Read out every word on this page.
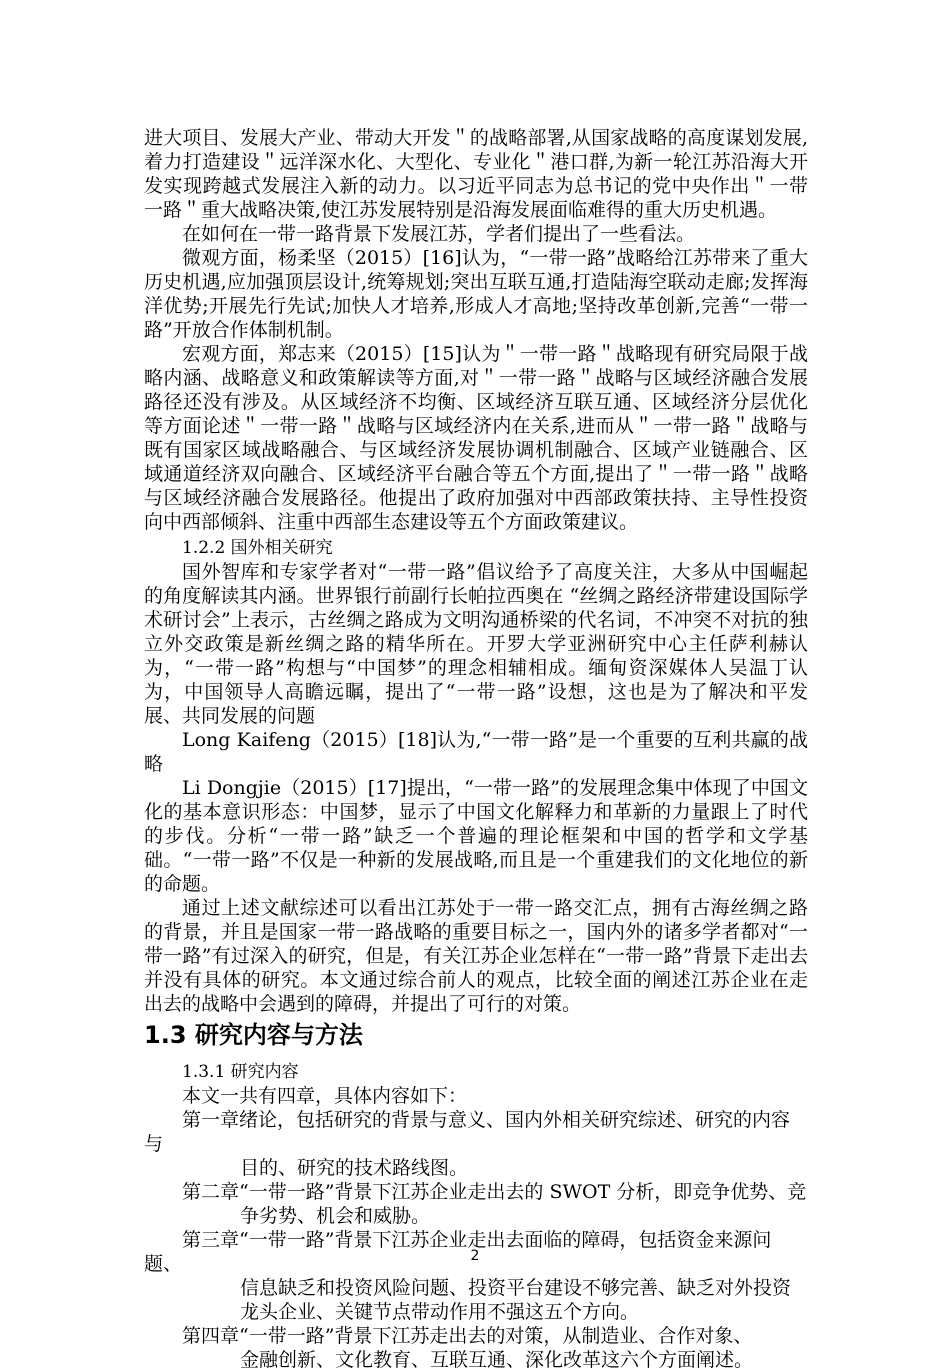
进大项目、发展大产业、带动大开发＂的战略部署,从国家战略的高度谋划发展,着力打造建设＂远洋深水化、大型化、专业化＂港口群,为新一轮江苏沿海大开发实现跨越式发展注入新的动力。以习近平同志为总书记的党中央作出＂一带一路＂重大战略决策,使江苏发展特别是沿海发展面临难得的重大历史机遇。

在如何在一带一路背景下发展江苏，学者们提出了一些看法。

微观方面，杨柔坚（2015）[16]认为，“一带一路”战略给江苏带来了重大历史机遇,应加强顶层设计,统筹规划;突出互联互通,打造陆海空联动走廊;发挥海洋优势;开展先行先试;加快人才培养,形成人才高地;坚持改革创新,完善“一带一路”开放合作体制机制。

宏观方面，郑志来（2015）[15]认为＂一带一路＂战略现有研究局限于战略内涵、战略意义和政策解读等方面,对＂一带一路＂战略与区域经济融合发展路径还没有涉及。从区域经济不均衡、区域经济互联互通、区域经济分层优化等方面论述＂一带一路＂战略与区域经济内在关系,进而从＂一带一路＂战略与既有国家区域战略融合、与区域经济发展协调机制融合、区域产业链融合、区域通道经济双向融合、区域经济平台融合等五个方面,提出了＂一带一路＂战略与区域经济融合发展路径。他提出了政府加强对中西部政策扶持、主导性投资向中西部倾斜、注重中西部生态建设等五个方面政策建议。

1.2.2 国外相关研究

国外智库和专家学者对“一带一路”倡议给予了高度关注，大多从中国崛起的角度解读其内涵。世界银行前副行长帕拉西奥在 “丝绸之路经济带建设国际学术研讨会”上表示，古丝绸之路成为文明沟通桥梁的代名词，不冲突不对抗的独立外交政策是新丝绸之路的精华所在。开罗大学亚洲研究中心主任萨利赫认为，“一带一路”构想与“中国梦”的理念相辅相成。缅甸资深媒体人吴温丁认为，中国领导人高瞻远瞩，提出了“一带一路”设想，这也是为了解决和平发展、共同发展的问题

Long Kaifeng（2015）[18]认为,“一带一路”是一个重要的互利共赢的战略

Li Dongjie（2015）[17]提出，“一带一路”的发展理念集中体现了中国文化的基本意识形态：中国梦，显示了中国文化解释力和革新的力量跟上了时代的步伐。分析“一带一路”缺乏一个普遍的理论框架和中国的哲学和文学基础。“一带一路”不仅是一种新的发展战略,而且是一个重建我们的文化地位的新的命题。

通过上述文献综述可以看出江苏处于一带一路交汇点，拥有古海丝绸之路的背景，并且是国家一带一路战略的重要目标之一，国内外的诸多学者都对“一带一路”有过深入的研究，但是，有关江苏企业怎样在“一带一路”背景下走出去并没有具体的研究。本文通过综合前人的观点，比较全面的阐述江苏企业在走出去的战略中会遇到的障碍，并提出了可行的对策。

1.3 研究内容与方法

1.3.1 研究内容

本文一共有四章，具体内容如下：

第一章绪论，包括研究的背景与意义、国内外相关研究综述、研究的内容与
目的、研究的技术路线图。
第二章“一带一路”背景下江苏企业走出去的 SWOT 分析，即竞争优势、竞
争劣势、机会和威胁。
第三章“一带一路”背景下江苏企业走出去面临的障碍，包括资金来源问题、
信息缺乏和投资风险问题、投资平台建设不够完善、缺乏对外投资龙头企业、关键节点带动作用不强这五个方向。
第四章“一带一路”背景下江苏走出去的对策，从制造业、合作对象、
金融创新、文化教育、互联互通、深化改革这六个方面阐述。
2
